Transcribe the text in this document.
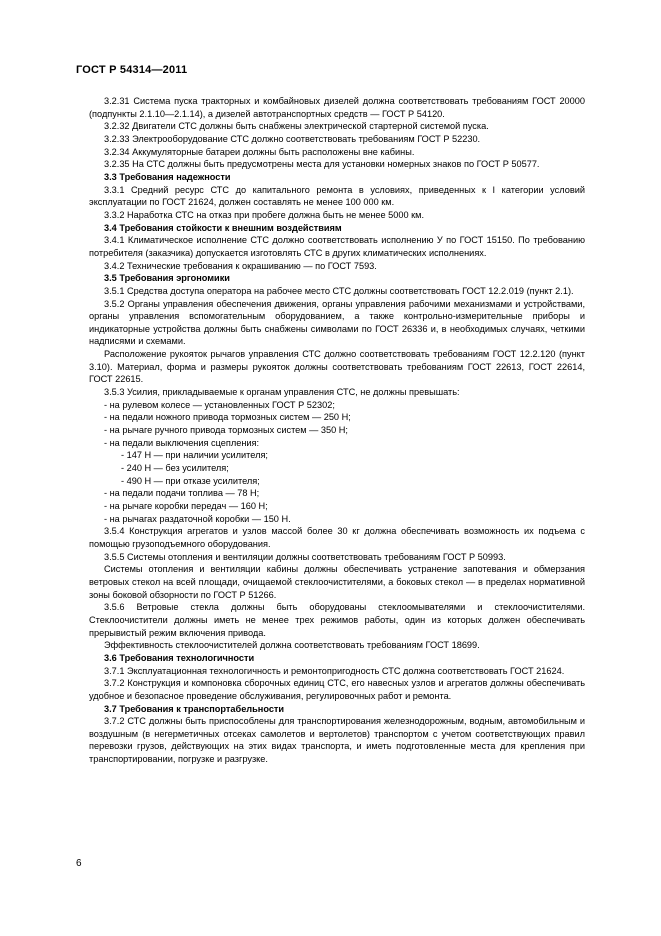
ГОСТ Р 54314—2011

3.2.31 Система пуска тракторных и комбайновых дизелей должна соответствовать требованиям ГОСТ 20000 (подпункты 2.1.10—2.1.14), а дизелей автотранспортных средств — ГОСТ Р 54120.

3.2.32 Двигатели СТС должны быть снабжены электрической стартерной системой пуска.

3.2.33 Электрооборудование СТС должно соответствовать требованиям ГОСТ Р 52230.

3.2.34 Аккумуляторные батареи должны быть расположены вне кабины.

3.2.35 На СТС должны быть предусмотрены места для установки номерных знаков по ГОСТ Р 50577.

3.3 Требования надежности

3.3.1 Средний ресурс СТС до капитального ремонта в условиях, приведенных к I категории условий эксплуатации по ГОСТ 21624, должен составлять не менее 100 000 км.

3.3.2 Наработка СТС на отказ при пробеге должна быть не менее 5000 км.

3.4 Требования стойкости к внешним воздействиям

3.4.1 Климатическое исполнение СТС должно соответствовать исполнению У по ГОСТ 15150. По требованию потребителя (заказчика) допускается изготовлять СТС в других климатических исполнениях.

3.4.2 Технические требования к окрашиванию — по ГОСТ 7593.

3.5 Требования эргономики

3.5.1 Средства доступа оператора на рабочее место СТС должны соответствовать ГОСТ 12.2.019 (пункт 2.1).

3.5.2 Органы управления обеспечения движения, органы управления рабочими механизмами и устройствами, органы управления вспомогательным оборудованием, а также контрольно-измерительные приборы и индикаторные устройства должны быть снабжены символами по ГОСТ 26336 и, в необходимых случаях, четкими надписями и схемами.

Расположение рукояток рычагов управления СТС должно соответствовать требованиям ГОСТ 12.2.120 (пункт 3.10). Материал, форма и размеры рукояток должны соответствовать требованиям ГОСТ 22613, ГОСТ 22614, ГОСТ 22615.

3.5.3 Усилия, прикладываемые к органам управления СТС, не должны превышать:

- на рулевом колесе — установленных ГОСТ Р 52302;

- на педали ножного привода тормозных систем — 250 Н;

- на рычаге ручного привода тормозных систем — 350 Н;

- на педали выключения сцепления:

- 147 Н — при наличии усилителя;

- 240 Н — без усилителя;

- 490 Н — при отказе усилителя;

- на педали подачи топлива — 78 Н;

- на рычаге коробки передач — 160 Н;

- на рычагах раздаточной коробки — 150 Н.

3.5.4 Конструкция агрегатов и узлов массой более 30 кг должна обеспечивать возможность их подъема с помощью грузоподъемного оборудования.

3.5.5 Системы отопления и вентиляции должны соответствовать требованиям ГОСТ Р 50993.

Системы отопления и вентиляции кабины должны обеспечивать устранение запотевания и обмерзания ветровых стекол на всей площади, очищаемой стеклоочистителями, а боковых стекол — в пределах нормативной зоны боковой обзорности по ГОСТ Р 51266.

3.5.6 Ветровые стекла должны быть оборудованы стеклоомывателями и стеклоочистителями. Стеклоочистители должны иметь не менее трех режимов работы, один из которых должен обеспечивать прерывистый режим включения привода.

Эффективность стеклоочистителей должна соответствовать требованиям ГОСТ 18699.

3.6 Требования технологичности

3.7.1 Эксплуатационная технологичность и ремонтопригодность СТС должна соответствовать ГОСТ 21624.

3.7.2 Конструкция и компоновка сборочных единиц СТС, его навесных узлов и агрегатов должны обеспечивать удобное и безопасное проведение обслуживания, регулировочных работ и ремонта.

3.7 Требования к транспортабельности

3.7.2 СТС должны быть приспособлены для транспортирования железнодорожным, водным, автомобильным и воздушным (в негерметичных отсеках самолетов и вертолетов) транспортом с учетом соответствующих правил перевозки грузов, действующих на этих видах транспорта, и иметь подготовленные места для крепления при транспортировании, погрузке и разгрузке.

6
